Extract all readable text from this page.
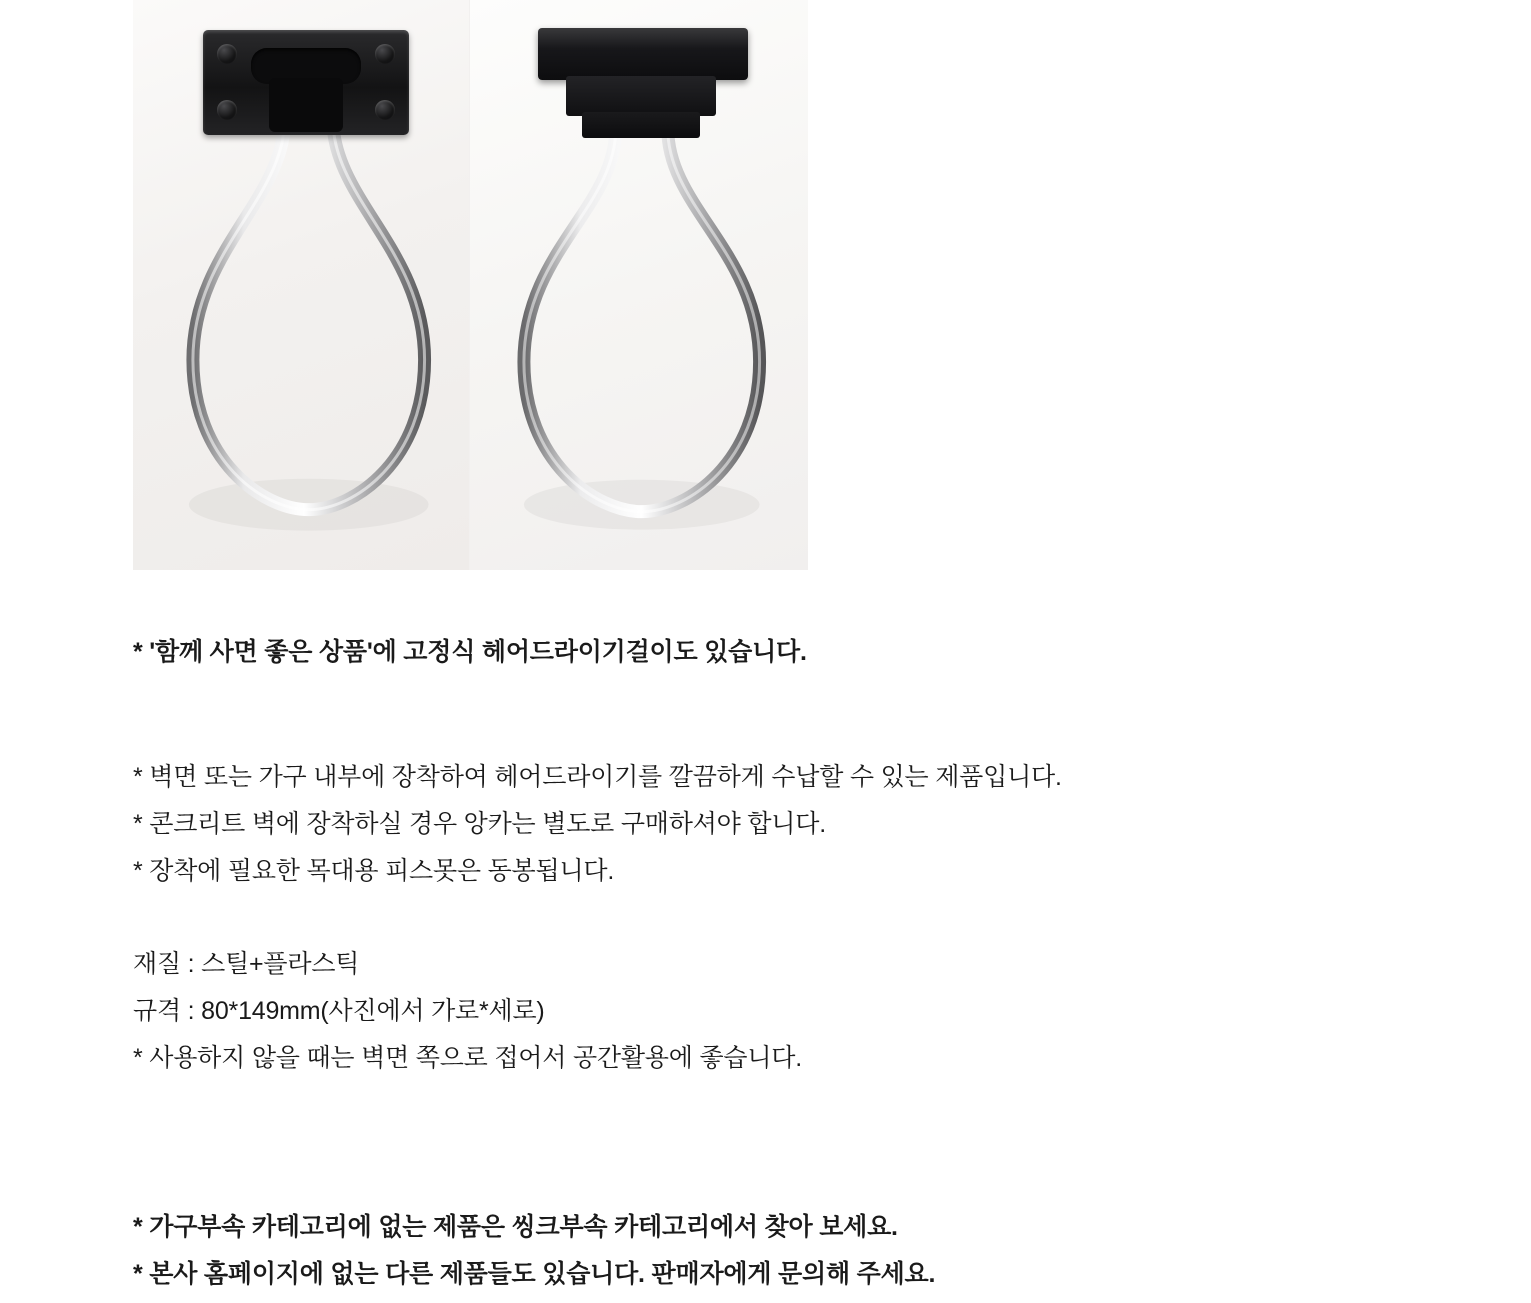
* '함께 사면 좋은 상품'에 고정식 헤어드라이기걸이도 있습니다.
* 벽면 또는 가구 내부에 장착하여 헤어드라이기를 깔끔하게 수납할 수 있는 제품입니다.
* 콘크리트 벽에 장착하실 경우 앙카는 별도로 구매하셔야 합니다.
* 장착에 필요한 목대용 피스못은 동봉됩니다.
재질 : 스틸+플라스틱
규격 : 80*149mm(사진에서 가로*세로)
* 사용하지 않을 때는 벽면 쪽으로 접어서 공간활용에 좋습니다.
* 가구부속 카테고리에 없는 제품은 씽크부속 카테고리에서 찾아 보세요.
* 본사 홈페이지에 없는 다른 제품들도 있습니다. 판매자에게 문의해 주세요.
